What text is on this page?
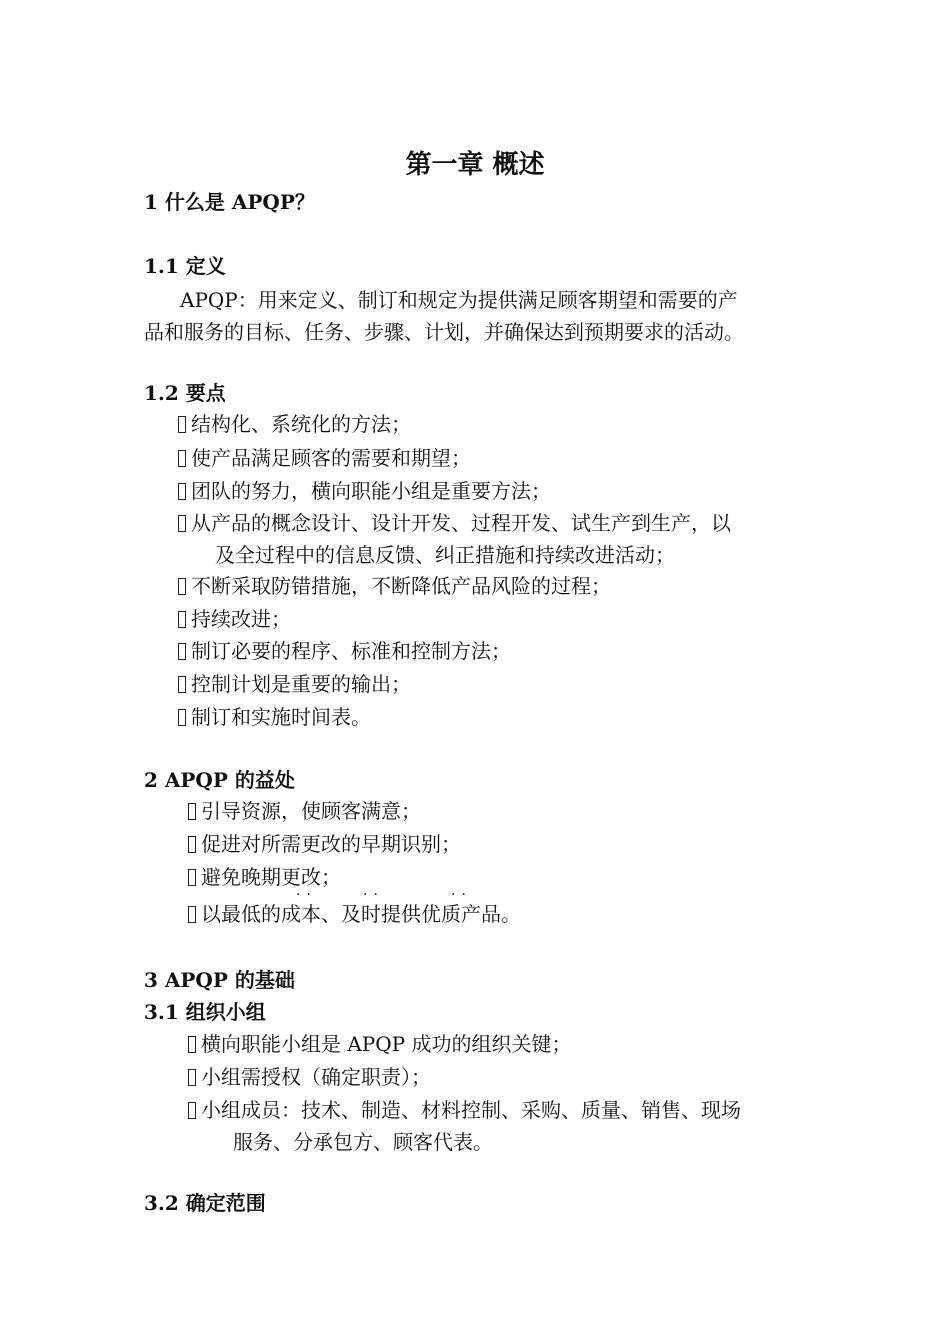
第一章 概述
1 什么是 APQP？
1.1 定义
APQP：用来定义、制订和规定为提供满足顾客期望和需要的产
品和服务的目标、任务、步骤、计划，并确保达到预期要求的活动。
1.2 要点
结构化、系统化的方法；
使产品满足顾客的需要和期望；
团队的努力，横向职能小组是重要方法；
从产品的概念设计、设计开发、过程开发、试生产到生产，以
及全过程中的信息反馈、纠正措施和持续改进活动；
不断采取防错措施，不断降低产品风险的过程；
持续改进；
制订必要的程序、标准和控制方法；
控制计划是重要的输出；
制订和实施时间表。
2 APQP 的益处
引导资源，使顾客满意；
促进对所需更改的早期识别；
避免晚期更改；
··	··	··
以最低的成本、及时提供优质产品。
3 APQP 的基础
3.1 组织小组
横向职能小组是 APQP 成功的组织关键；
小组需授权（确定职责）；
小组成员：技术、制造、材料控制、采购、质量、销售、现场
服务、分承包方、顾客代表。
3.2 确定范围
